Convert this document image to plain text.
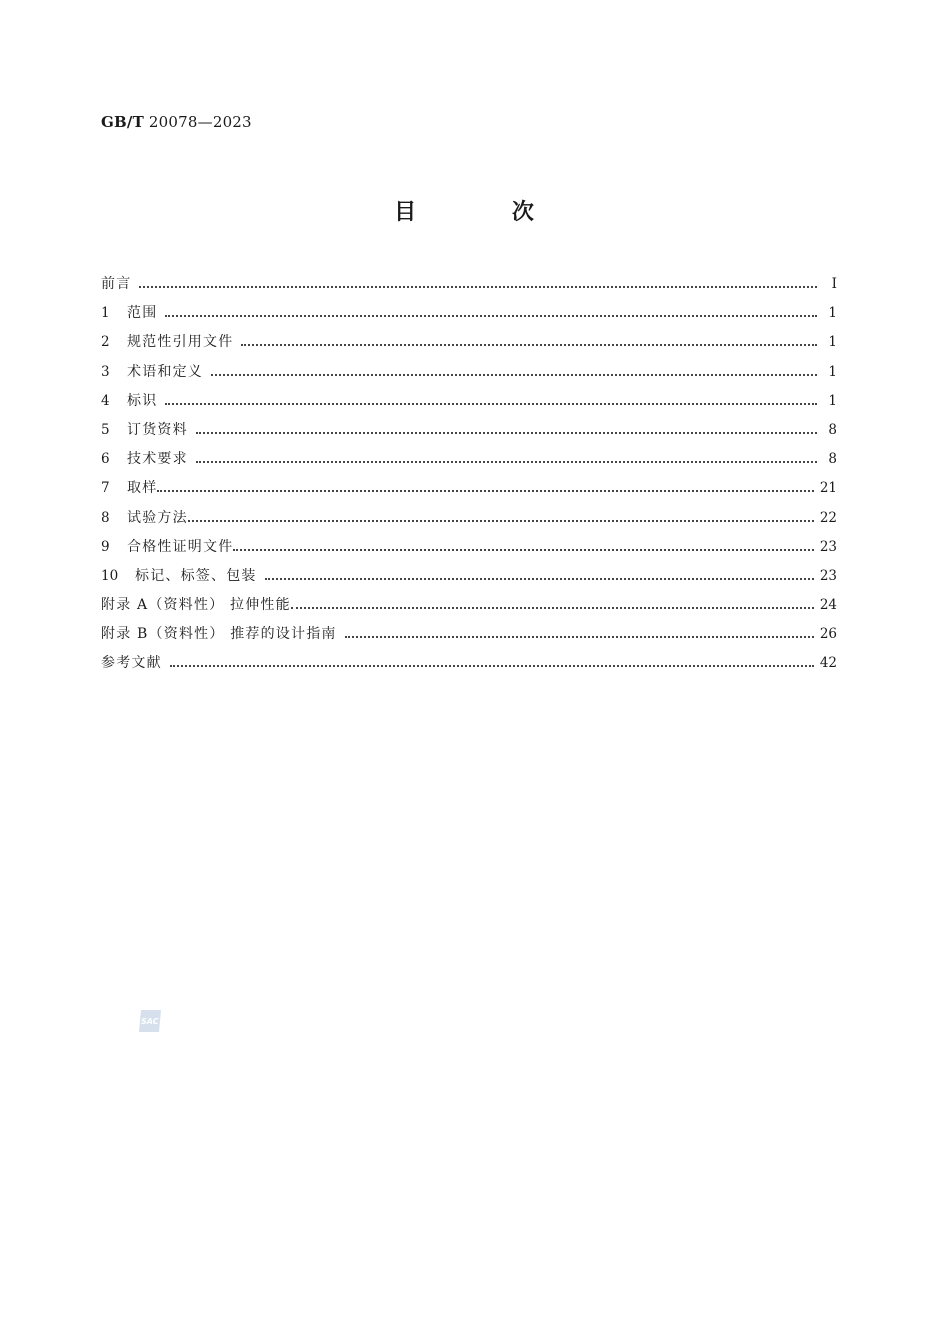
GB/T 20078—2023
目 次
前言	Ⅰ
1	范围	1
2	规范性引用文件	1
3	术语和定义	1
4	标识	1
5	订货资料	8
6	技术要求	8
7	取样	21
8	试验方法	22
9	合格性证明文件	23
10	标记、标签、包装	23
附录 A（资料性） 拉伸性能	24
附录 B（资料性） 推荐的设计指南	26
参考文献	42
SAC
